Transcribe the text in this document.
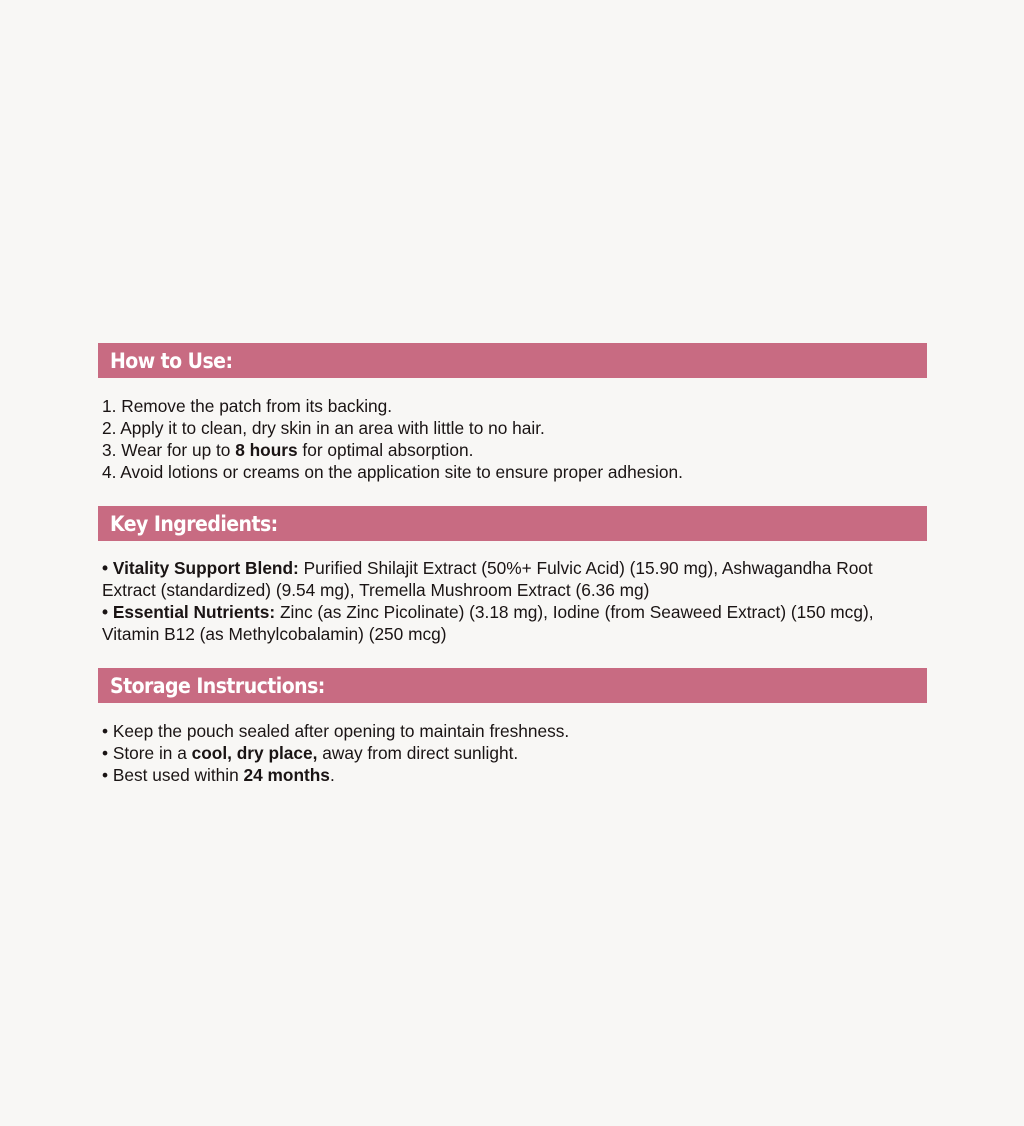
How to Use:
1. Remove the patch from its backing.
2. Apply it to clean, dry skin in an area with little to no hair.
3. Wear for up to 8 hours for optimal absorption.
4. Avoid lotions or creams on the application site to ensure proper adhesion.
Key Ingredients:

• Vitality Support Blend: Purified Shilajit Extract (50%+ Fulvic Acid) (15.90 mg), Ashwagandha Root Extract (standardized) (9.54 mg), Tremella Mushroom Extract (6.36 mg)

• Essential Nutrients: Zinc (as Zinc Picolinate) (3.18 mg), Iodine (from Seaweed Extract) (150 mcg), Vitamin B12 (as Methylcobalamin) (250 mcg)

Storage Instructions:
• Keep the pouch sealed after opening to maintain freshness.
• Store in a cool, dry place, away from direct sunlight.
• Best used within 24 months.
